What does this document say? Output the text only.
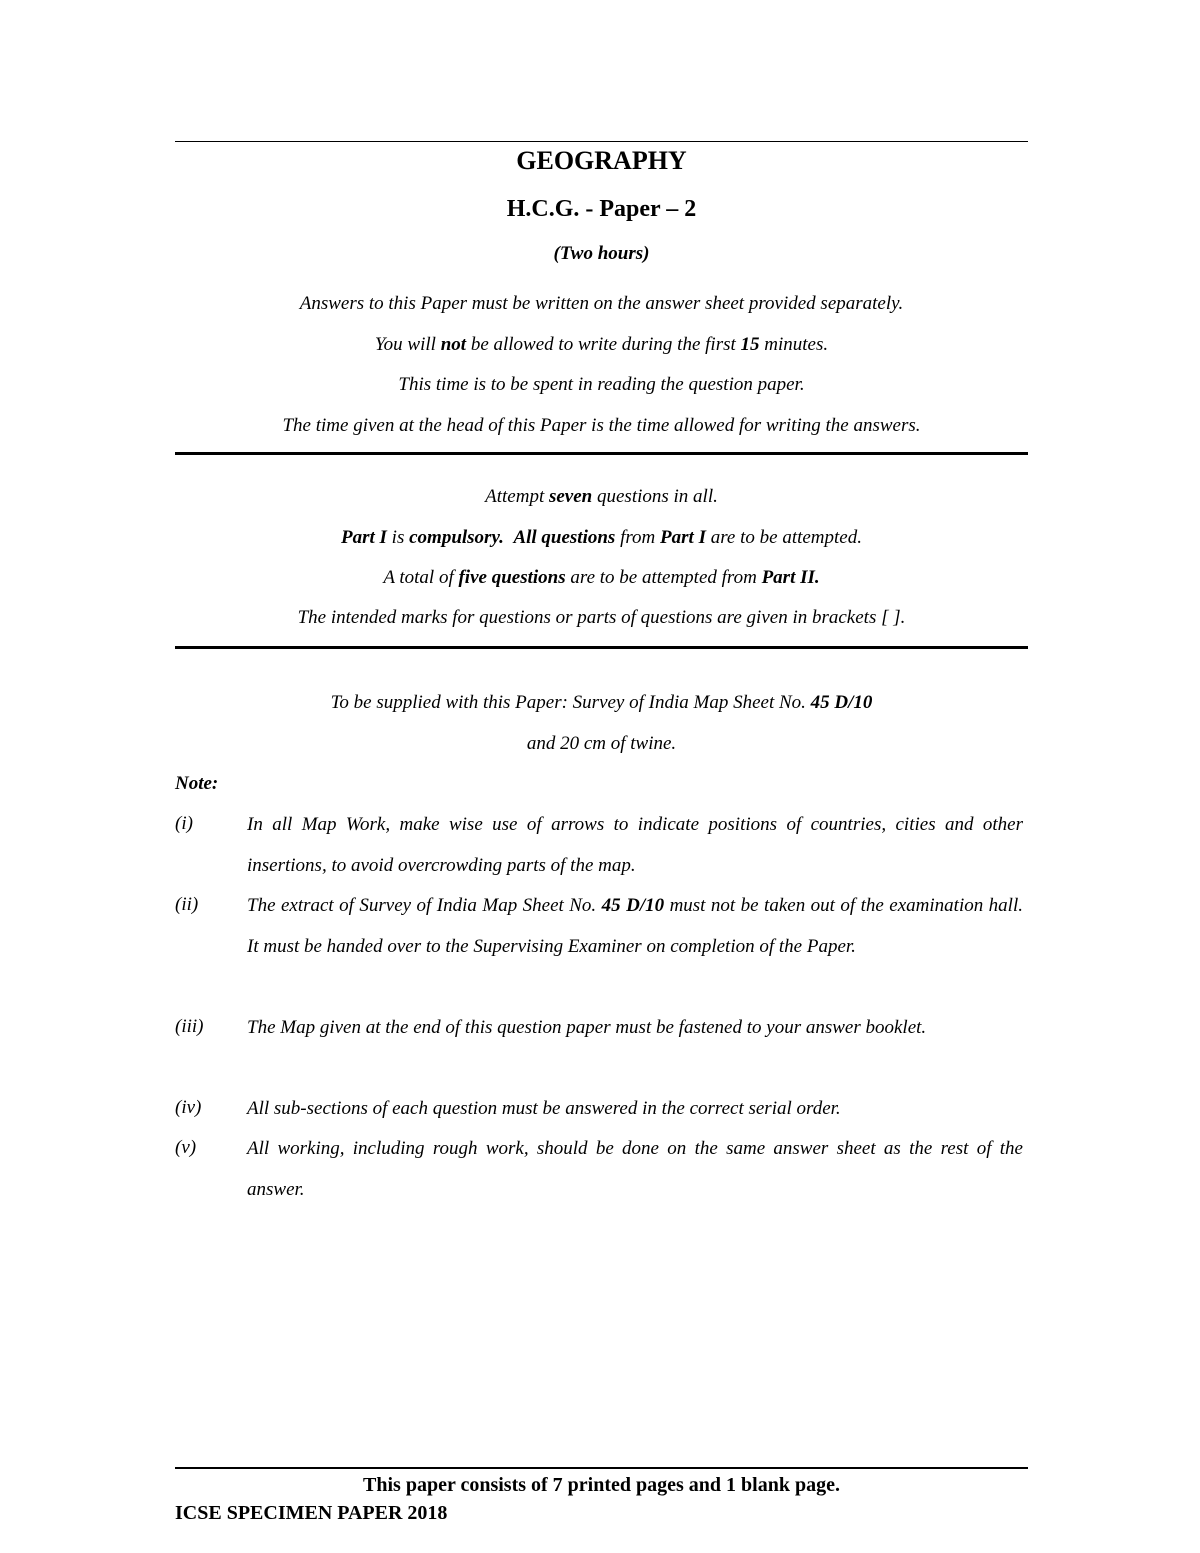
GEOGRAPHY
H.C.G. - Paper – 2
(Two hours)
Answers to this Paper must be written on the answer sheet provided separately.
You will not be allowed to write during the first 15 minutes.
This time is to be spent in reading the question paper.
The time given at the head of this Paper is the time allowed for writing the answers.
Attempt seven questions in all.
Part I is compulsory. All questions from Part I are to be attempted.
A total of five questions are to be attempted from Part II.
The intended marks for questions or parts of questions are given in brackets [ ].
To be supplied with this Paper: Survey of India Map Sheet No. 45 D/10
and 20 cm of twine.
Note:
(i)	In all Map Work, make wise use of arrows to indicate positions of countries, cities and other insertions, to avoid overcrowding parts of the map.
(ii)	The extract of Survey of India Map Sheet No. 45 D/10 must not be taken out of the examination hall. It must be handed over to the Supervising Examiner on completion of the Paper.
(iii) The Map given at the end of this question paper must be fastened to your answer booklet.
(iv) All sub-sections of each question must be answered in the correct serial order.
(v)	All working, including rough work, should be done on the same answer sheet as the rest of the answer.
This paper consists of 7 printed pages and 1 blank page.
ICSE SPECIMEN PAPER 2018
